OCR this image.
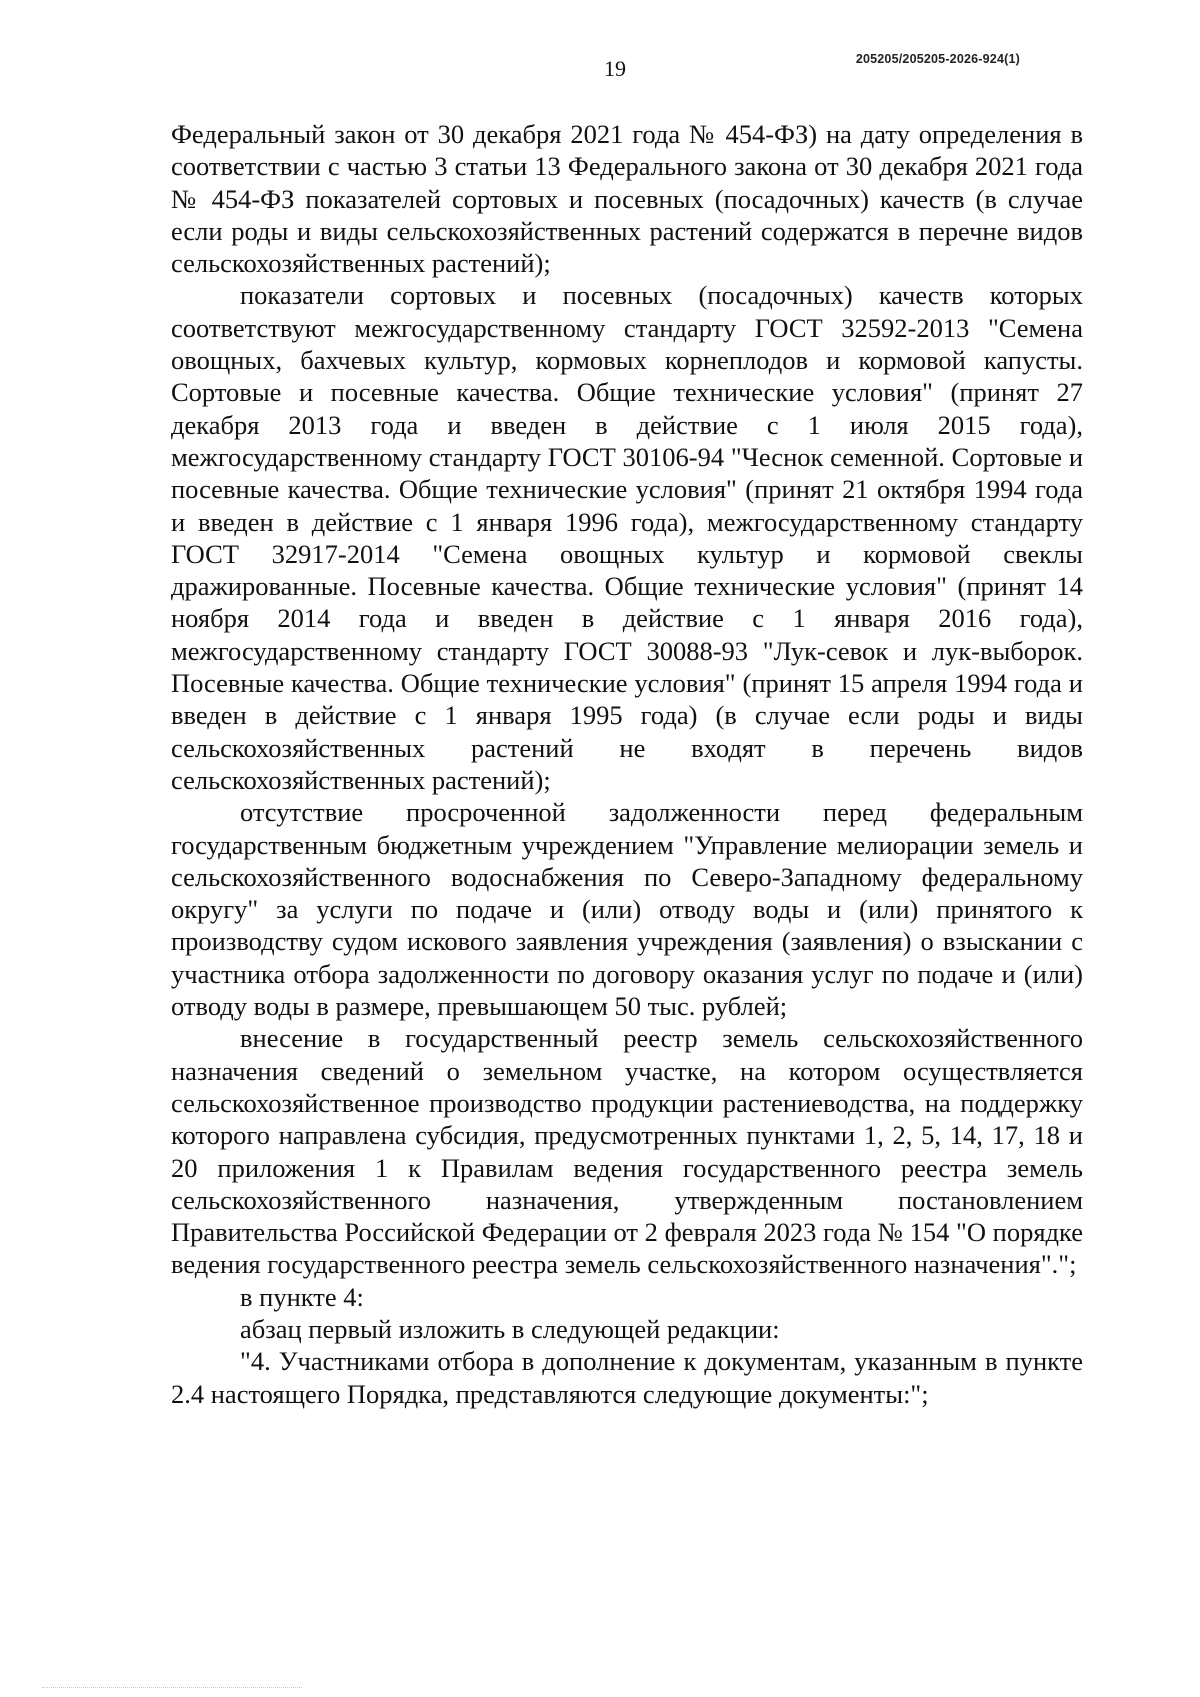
19	205205/205205-2026-924(1)

Федеральный закон от 30 декабря 2021 года № 454-ФЗ) на дату определения в соответствии с частью 3 статьи 13 Федерального закона от 30 декабря 2021 года № 454-ФЗ показателей сортовых и посевных (посадочных) качеств (в случае если роды и виды сельскохозяйственных растений содержатся в перечне видов сельскохозяйственных растений);

показатели сортовых и посевных (посадочных) качеств которых соответствуют межгосударственному стандарту ГОСТ 32592-2013 "Семена овощных, бахчевых культур, кормовых корнеплодов и кормовой капусты. Сортовые и посевные качества. Общие технические условия" (принят 27 декабря 2013 года и введен в действие с 1 июля 2015 года), межгосударственному стандарту ГОСТ 30106-94 "Чеснок семенной. Сортовые и посевные качества. Общие технические условия" (принят 21 октября 1994 года и введен в действие с 1 января 1996 года), межгосударственному стандарту ГОСТ 32917-2014 "Семена овощных культур и кормовой свеклы дражированные. Посевные качества. Общие технические условия" (принят 14 ноября 2014 года и введен в действие с 1 января 2016 года), межгосударственному стандарту ГОСТ 30088-93 "Лук-севок и лук-выборок. Посевные качества. Общие технические условия" (принят 15 апреля 1994 года и введен в действие с 1 января 1995 года) (в случае если роды и виды сельскохозяйственных растений не входят в перечень видов сельскохозяйственных растений);

отсутствие просроченной задолженности перед федеральным государственным бюджетным учреждением "Управление мелиорации земель и сельскохозяйственного водоснабжения по Северо-Западному федеральному округу" за услуги по подаче и (или) отводу воды и (или) принятого к производству судом искового заявления учреждения (заявления) о взыскании с участника отбора задолженности по договору оказания услуг по подаче и (или) отводу воды в размере, превышающем 50 тыс. рублей;

внесение в государственный реестр земель сельскохозяйственного назначения сведений о земельном участке, на котором осуществляется сельскохозяйственное производство продукции растениеводства, на поддержку которого направлена субсидия, предусмотренных пунктами 1, 2, 5, 14, 17, 18 и 20 приложения 1 к Правилам ведения государственного реестра земель сельскохозяйственного назначения, утвержденным постановлением Правительства Российской Федерации от 2 февраля 2023 года № 154 "О порядке ведения государственного реестра земель сельскохозяйственного назначения".";

в пункте 4:

абзац первый изложить в следующей редакции:

"4. Участниками отбора в дополнение к документам, указанным в пункте 2.4 настоящего Порядка, представляются следующие документы:";
